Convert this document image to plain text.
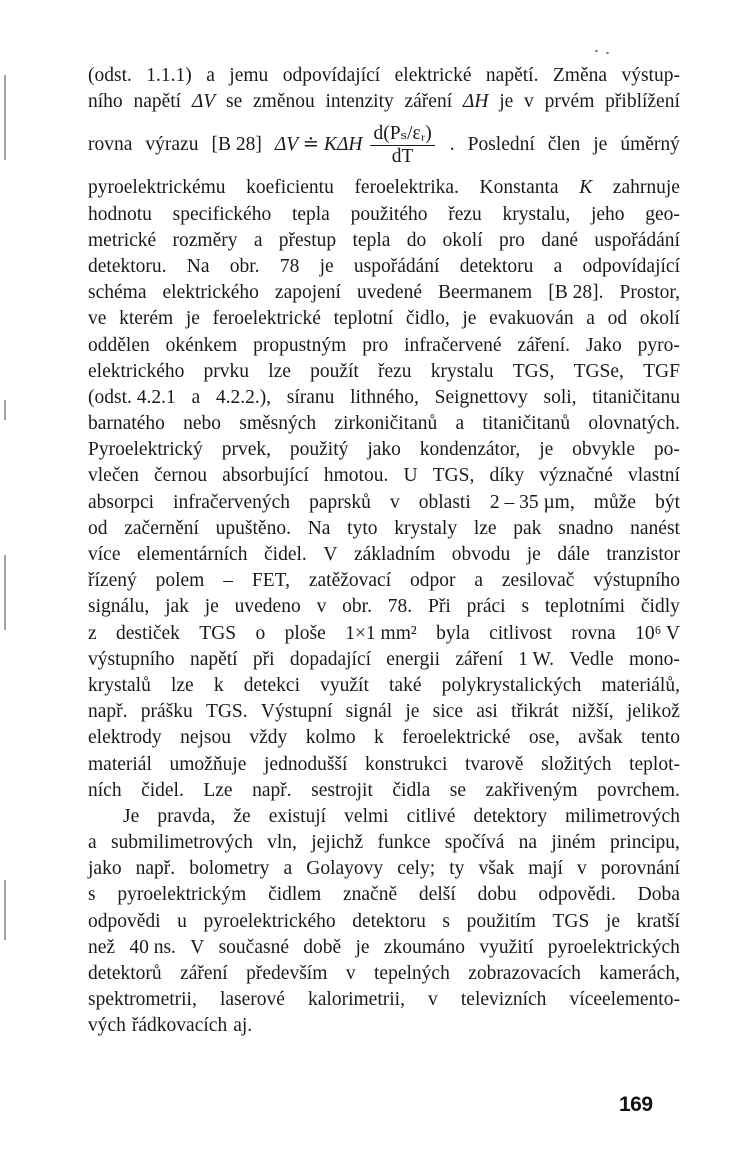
(odst. 1.1.1) a jemu odpovídající elektrické napětí. Změna výstup-
ního napětí ΔV se změnou intenzity záření ΔH je v prvém přiblížení
rovna výrazu [B 28] ΔV ≐ KΔH $\frac{\text{d(Pₛ/εᵣ)}}{dT}$ . Poslední člen je úměrný
pyroelektrickému koeficientu feroelektrika. Konstanta K zahrnuje
hodnotu specifického tepla použitého řezu krystalu, jeho geo-
metrické rozměry a přestup tepla do okolí pro dané uspořádání
detektoru. Na obr. 78 je uspořádání detektoru a odpovídající
schéma elektrického zapojení uvedené Beermanem [B 28]. Prostor,
ve kterém je feroelektrické teplotní čidlo, je evakuován a od okolí
oddělen okénkem propustným pro infračervené záření. Jako pyro-
elektrického prvku lze použít řezu krystalu TGS, TGSe, TGF
(odst. 4.2.1 a 4.2.2.), síranu lithného, Seignettovy soli, titaničitanu
barnatého nebo směsných zirkoničitanů a titaničitanů olovnatých.
Pyroelektrický prvek, použitý jako kondenzátor, je obvykle po-
vlečen černou absorbující hmotou. U TGS, díky význačné vlastní
absorpci infračervených paprsků v oblasti 2 – 35 µm, může být
od začernění upuštěno. Na tyto krystaly lze pak snadno nanést
více elementárních čidel. V základním obvodu je dále tranzistor
řízený polem – FET, zatěžovací odpor a zesilovač výstupního
signálu, jak je uvedeno v obr. 78. Při práci s teplotními čidly
z destiček TGS o ploše 1×1 mm² byla citlivost rovna 10⁶ V
výstupního napětí při dopadající energii záření 1 W. Vedle mono-
krystalů lze k detekci využít také polykrystalických materiálů,
např. prášku TGS. Výstupní signál je sice asi třikrát nižší, jelikož
elektrody nejsou vždy kolmo k feroelektrické ose, avšak tento
materiál umožňuje jednodušší konstrukci tvarově složitých teplot-
ních čidel. Lze např. sestrojit čidla se zakřiveným povrchem.
Je pravda, že existují velmi citlivé detektory milimetrových
a submilimetrových vln, jejichž funkce spočívá na jiném principu,
jako např. bolometry a Golayovy cely; ty však mají v porovnání
s pyroelektrickým čidlem značně delší dobu odpovědi. Doba
odpovědi u pyroelektrického detektoru s použitím TGS je kratší
než 40 ns. V současné době je zkoumáno využití pyroelektrických
detektorů záření především v tepelných zobrazovacích kamerách,
spektrometrii, laserové kalorimetrii, v televizních víceelemento-
vých řádkovacích aj.
169
